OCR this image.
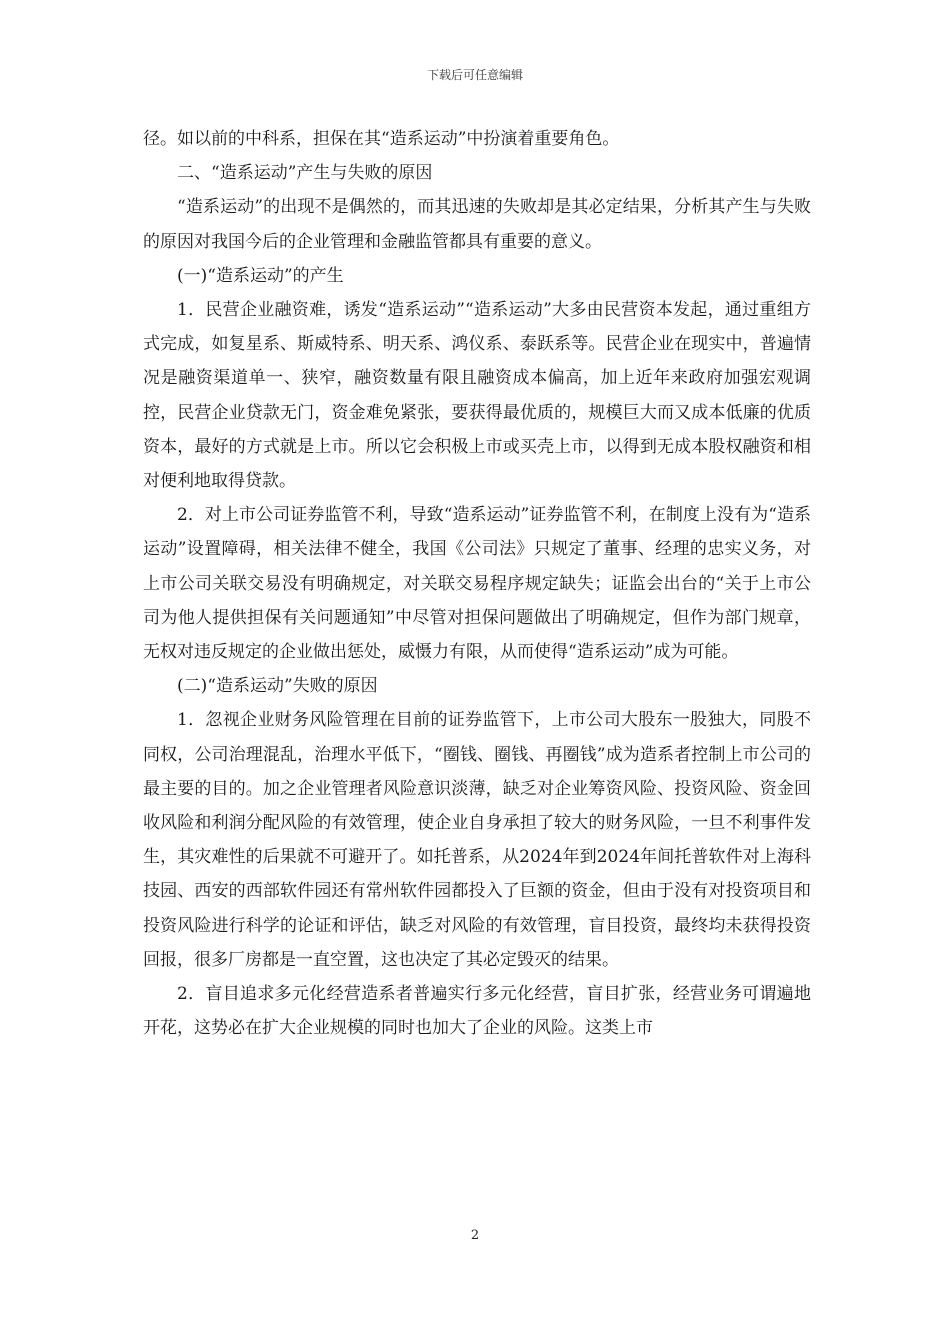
下载后可任意编辑

径。如以前的中科系，担保在其“造系运动”中扮演着重要角色。

二、“造系运动”产生与失败的原因

“造系运动”的出现不是偶然的，而其迅速的失败却是其必定结果，分析其产生与失败的原因对我国今后的企业管理和金融监管都具有重要的意义。

(一)“造系运动”的产生

1．民营企业融资难，诱发“造系运动”“造系运动”大多由民营资本发起，通过重组方式完成，如复星系、斯威特系、明天系、鸿仪系、泰跃系等。民营企业在现实中，普遍情况是融资渠道单一、狭窄，融资数量有限且融资成本偏高，加上近年来政府加强宏观调控，民营企业贷款无门，资金难免紧张，要获得最优质的，规模巨大而又成本低廉的优质资本，最好的方式就是上市。所以它会积极上市或买壳上市，以得到无成本股权融资和相对便利地取得贷款。

2．对上市公司证券监管不利，导致“造系运动”证券监管不利，在制度上没有为“造系运动”设置障碍，相关法律不健全，我国《公司法》只规定了董事、经理的忠实义务，对上市公司关联交易没有明确规定，对关联交易程序规定缺失；证监会出台的“关于上市公司为他人提供担保有关问题通知”中尽管对担保问题做出了明确规定，但作为部门规章，无权对违反规定的企业做出惩处，威慑力有限，从而使得“造系运动”成为可能。

(二)“造系运动”失败的原因

1．忽视企业财务风险管理在目前的证券监管下，上市公司大股东一股独大，同股不同权，公司治理混乱，治理水平低下，“圈钱、圈钱、再圈钱”成为造系者控制上市公司的最主要的目的。加之企业管理者风险意识淡薄，缺乏对企业筹资风险、投资风险、资金回收风险和利润分配风险的有效管理，使企业自身承担了较大的财务风险，一旦不利事件发生，其灾难性的后果就不可避开了。如托普系，从2024年到2024年间托普软件对上海科技园、西安的西部软件园还有常州软件园都投入了巨额的资金，但由于没有对投资项目和投资风险进行科学的论证和评估，缺乏对风险的有效管理，盲目投资，最终均未获得投资回报，很多厂房都是一直空置，这也决定了其必定毁灭的结果。

2．盲目追求多元化经营造系者普遍实行多元化经营，盲目扩张，经营业务可谓遍地开花，这势必在扩大企业规模的同时也加大了企业的风险。这类上市

2
